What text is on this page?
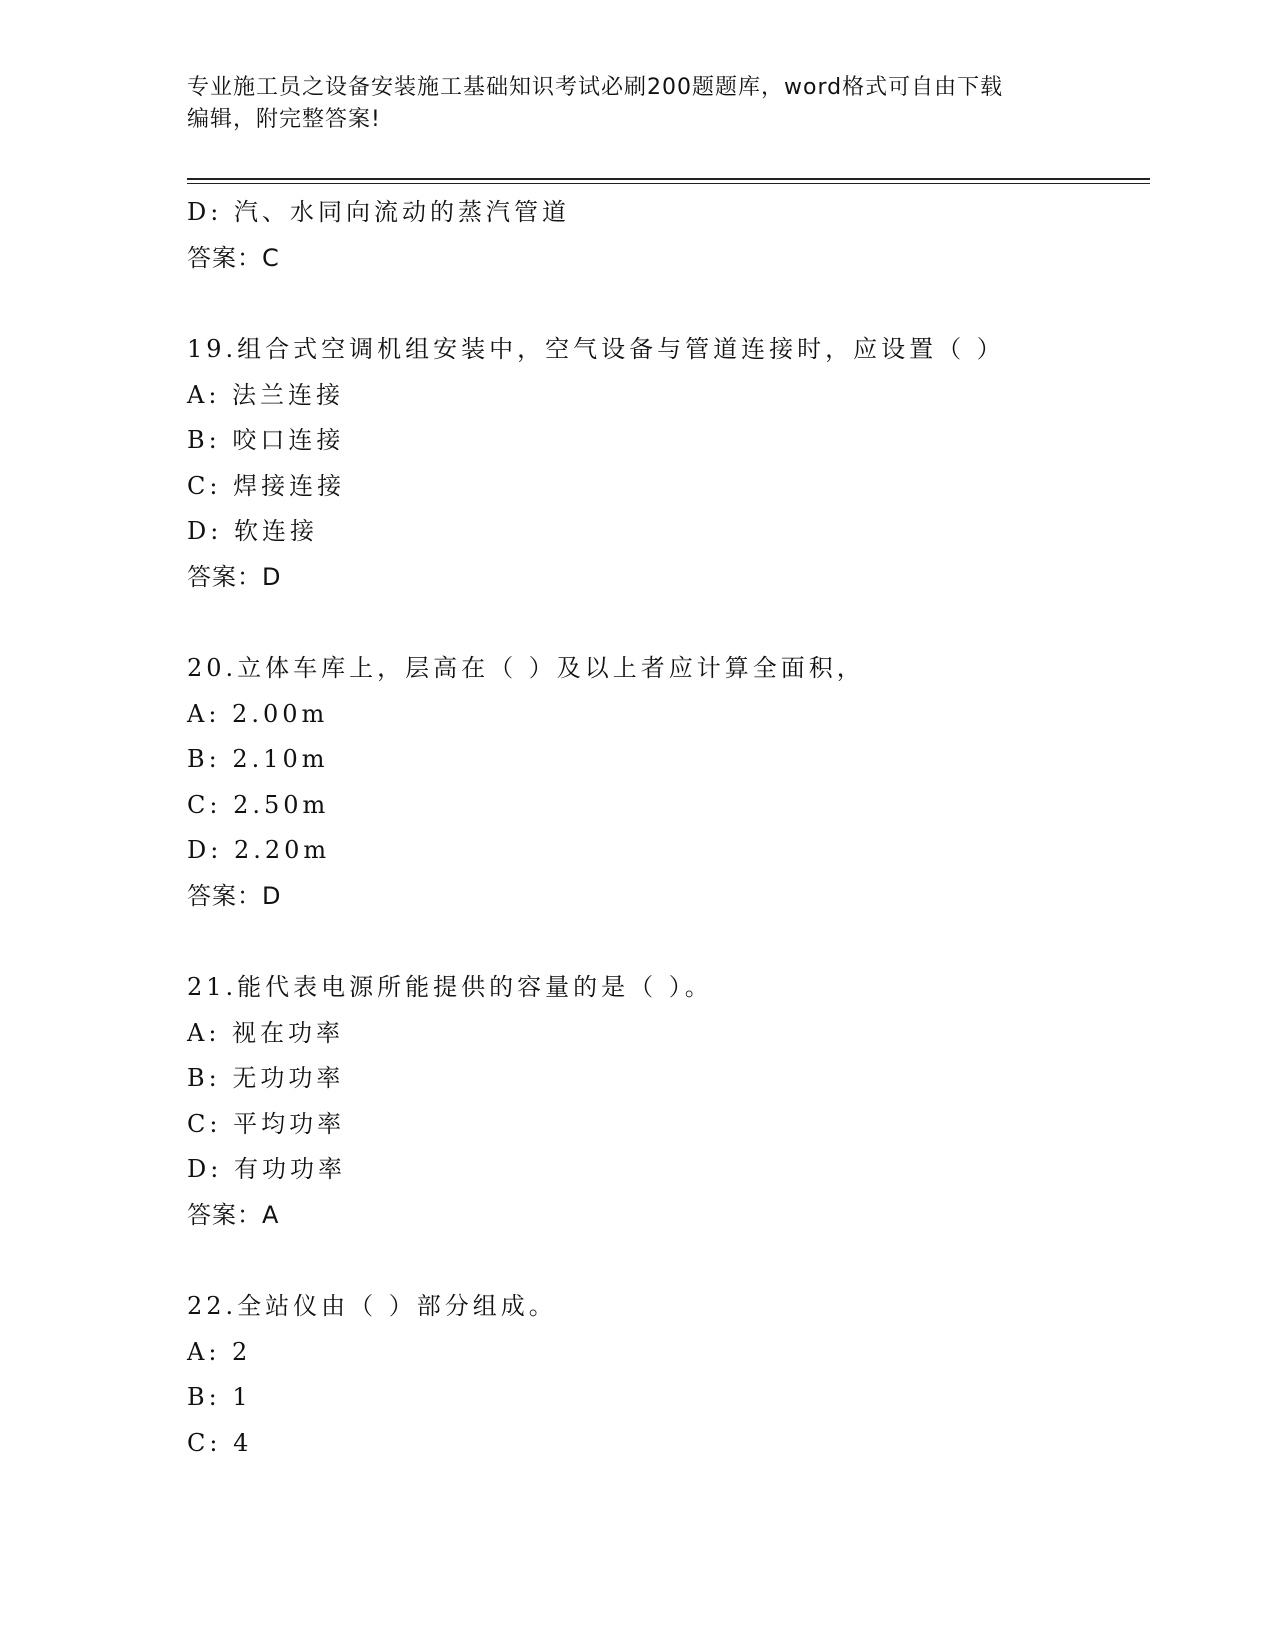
专业施工员之设备安装施工基础知识考试必刷200题题库，word格式可自由下载
编辑，附完整答案!
D: 汽、水同向流动的蒸汽管道
答案：C
19.组合式空调机组安装中，空气设备与管道连接时，应设置（ ）
A: 法兰连接
B: 咬口连接
C: 焊接连接
D: 软连接
答案：D
20.立体车库上，层高在（ ）及以上者应计算全面积，
A: 2.00m
B: 2.10m
C: 2.50m
D: 2.20m
答案：D
21.能代表电源所能提供的容量的是（ ）。
A: 视在功率
B: 无功功率
C: 平均功率
D: 有功功率
答案：A
22.全站仪由（ ）部分组成。
A: 2
B: 1
C: 4
